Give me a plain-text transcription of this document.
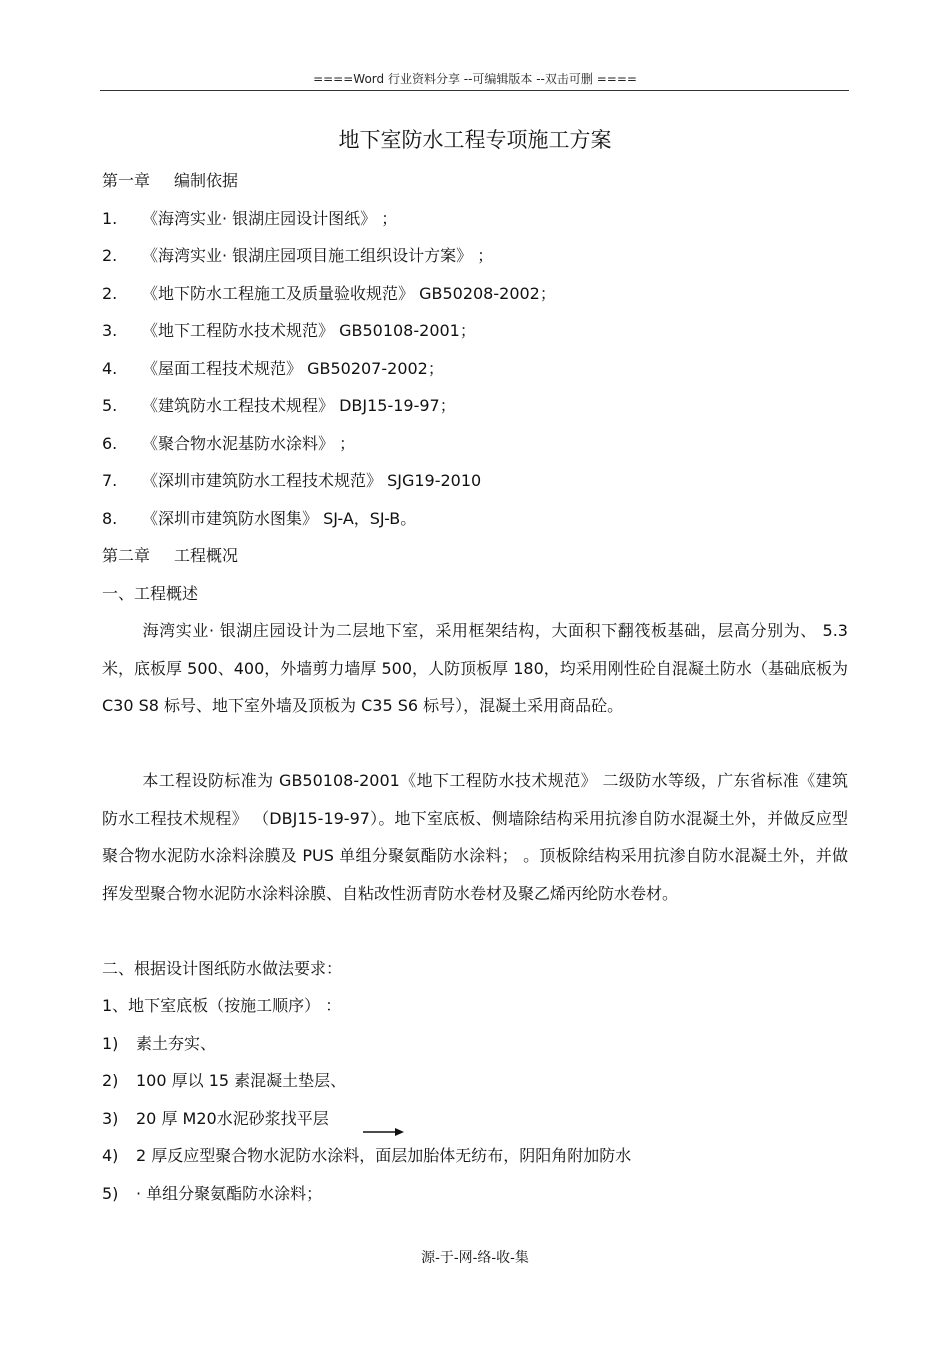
====Word 行业资料分享 --可编辑版本 --双击可删 ====
地下室防水工程专项施工方案
第一章 编制依据
1. 《海湾实业· 银湖庄园设计图纸》 ；
2. 《海湾实业· 银湖庄园项目施工组织设计方案》 ；
2. 《地下防水工程施工及质量验收规范》 GB50208-2002；
3. 《地下工程防水技术规范》 GB50108-2001；
4. 《屋面工程技术规范》 GB50207-2002；
5. 《建筑防水工程技术规程》 DBJ15-19-97；
6. 《聚合物水泥基防水涂料》 ；
7. 《深圳市建筑防水工程技术规范》 SJG19-2010
8. 《深圳市建筑防水图集》 SJ-A，SJ-B。
第二章 工程概况
一、工程概述
海湾实业· 银湖庄园设计为二层地下室，采用框架结构，大面积下翻筏板基础，层高分别为、 5.3 米，底板厚 500、400，外墙剪力墙厚 500，人防顶板厚 180，均采用刚性砼自混凝土防水（基础底板为 C30 S8 标号、地下室外墙及顶板为 C35 S6 标号），混凝土采用商品砼。
本工程设防标准为 GB50108-2001《地下工程防水技术规范》 二级防水等级，广东省标准《建筑防水工程技术规程》 （DBJ15-19-97）。地下室底板、侧墙除结构采用抗渗自防水混凝土外，并做反应型聚合物水泥防水涂料涂膜及 PUS 单组分聚氨酯防水涂料； 。顶板除结构采用抗渗自防水混凝土外，并做挥发型聚合物水泥防水涂料涂膜、自粘改性沥青防水卷材及聚乙烯丙纶防水卷材。
二、根据设计图纸防水做法要求：
1、地下室底板（按施工顺序） ：
1) 素土夯实、
2) 100 厚以 15 素混凝土垫层、
3) 20 厚 M20水泥砂浆找平层
4) 2 厚反应型聚合物水泥防水涂料，面层加胎体无纺布，阴阳角附加防水
5) · 单组分聚氨酯防水涂料；
源-于-网-络-收-集
